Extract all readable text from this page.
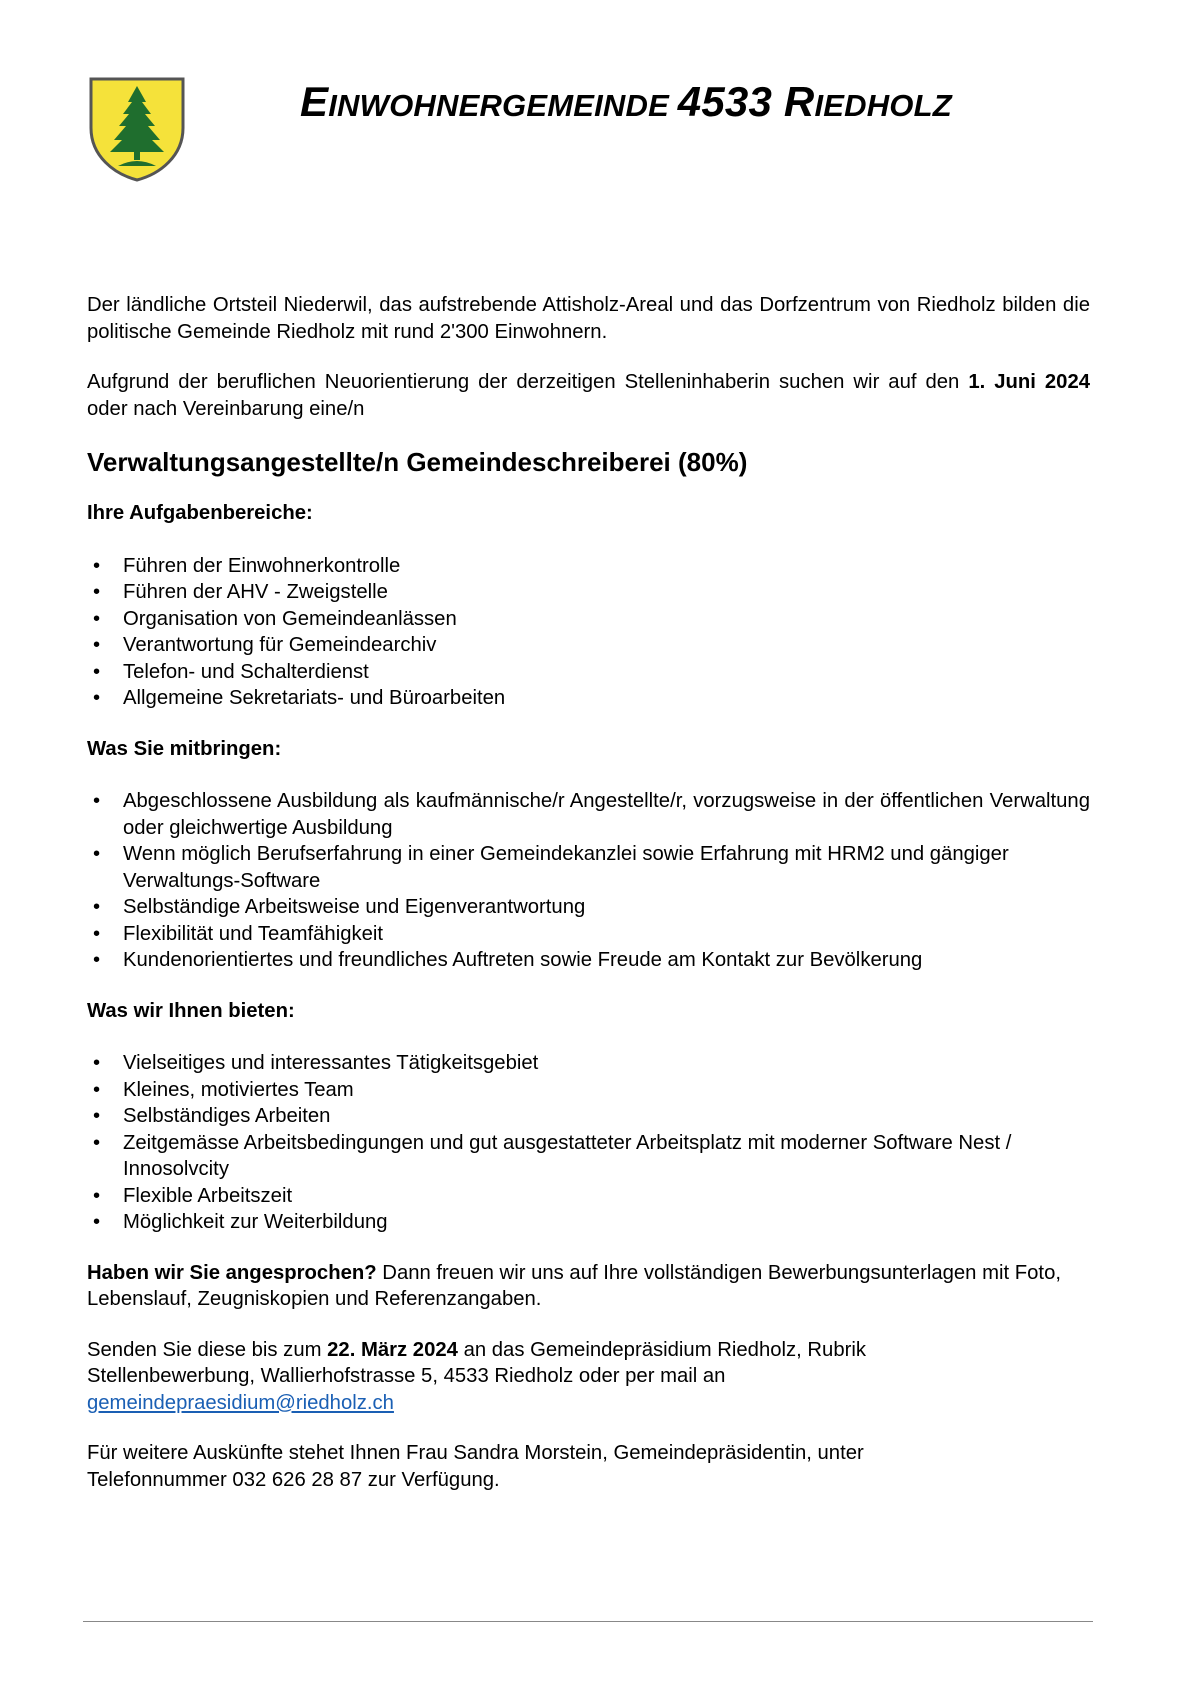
EINWOHNERGEMEINDE 4533 RIEDHOLZ

Der ländliche Ortsteil Niederwil, das aufstrebende Attisholz-Areal und das Dorfzentrum von Riedholz bilden die politische Gemeinde Riedholz mit rund 2'300 Einwohnern.

Aufgrund der beruflichen Neuorientierung der derzeitigen Stelleninhaberin suchen wir auf den 1. Juni 2024 oder nach Vereinbarung eine/n

Verwaltungsangestellte/n Gemeindeschreiberei (80%)

Ihre Aufgabenbereiche:

• Führen der Einwohnerkontrolle
• Führen der AHV - Zweigstelle
• Organisation von Gemeindeanlässen
• Verantwortung für Gemeindearchiv
• Telefon- und Schalterdienst
• Allgemeine Sekretariats- und Büroarbeiten

Was Sie mitbringen:

• Abgeschlossene Ausbildung als kaufmännische/r Angestellte/r, vorzugsweise in der öffentlichen Verwaltung oder gleichwertige Ausbildung
• Wenn möglich Berufserfahrung in einer Gemeindekanzlei sowie Erfahrung mit HRM2 und gängiger Verwaltungs-Software
• Selbständige Arbeitsweise und Eigenverantwortung
• Flexibilität und Teamfähigkeit
• Kundenorientiertes und freundliches Auftreten sowie Freude am Kontakt zur Bevölkerung

Was wir Ihnen bieten:

• Vielseitiges und interessantes Tätigkeitsgebiet
• Kleines, motiviertes Team
• Selbständiges Arbeiten
• Zeitgemässe Arbeitsbedingungen und gut ausgestatteter Arbeitsplatz mit moderner Software Nest / Innosolvcity
• Flexible Arbeitszeit
• Möglichkeit zur Weiterbildung

Haben wir Sie angesprochen? Dann freuen wir uns auf Ihre vollständigen Bewerbungsunterlagen mit Foto, Lebenslauf, Zeugniskopien und Referenzangaben.

Senden Sie diese bis zum 22. März 2024 an das Gemeindepräsidium Riedholz, Rubrik
Stellenbewerbung, Wallierhofstrasse 5, 4533 Riedholz oder per mail an
gemeindepraesidium@riedholz.ch

Für weitere Auskünfte stehet Ihnen Frau Sandra Morstein, Gemeindepräsidentin, unter
Telefonnummer 032 626 28 87 zur Verfügung.
